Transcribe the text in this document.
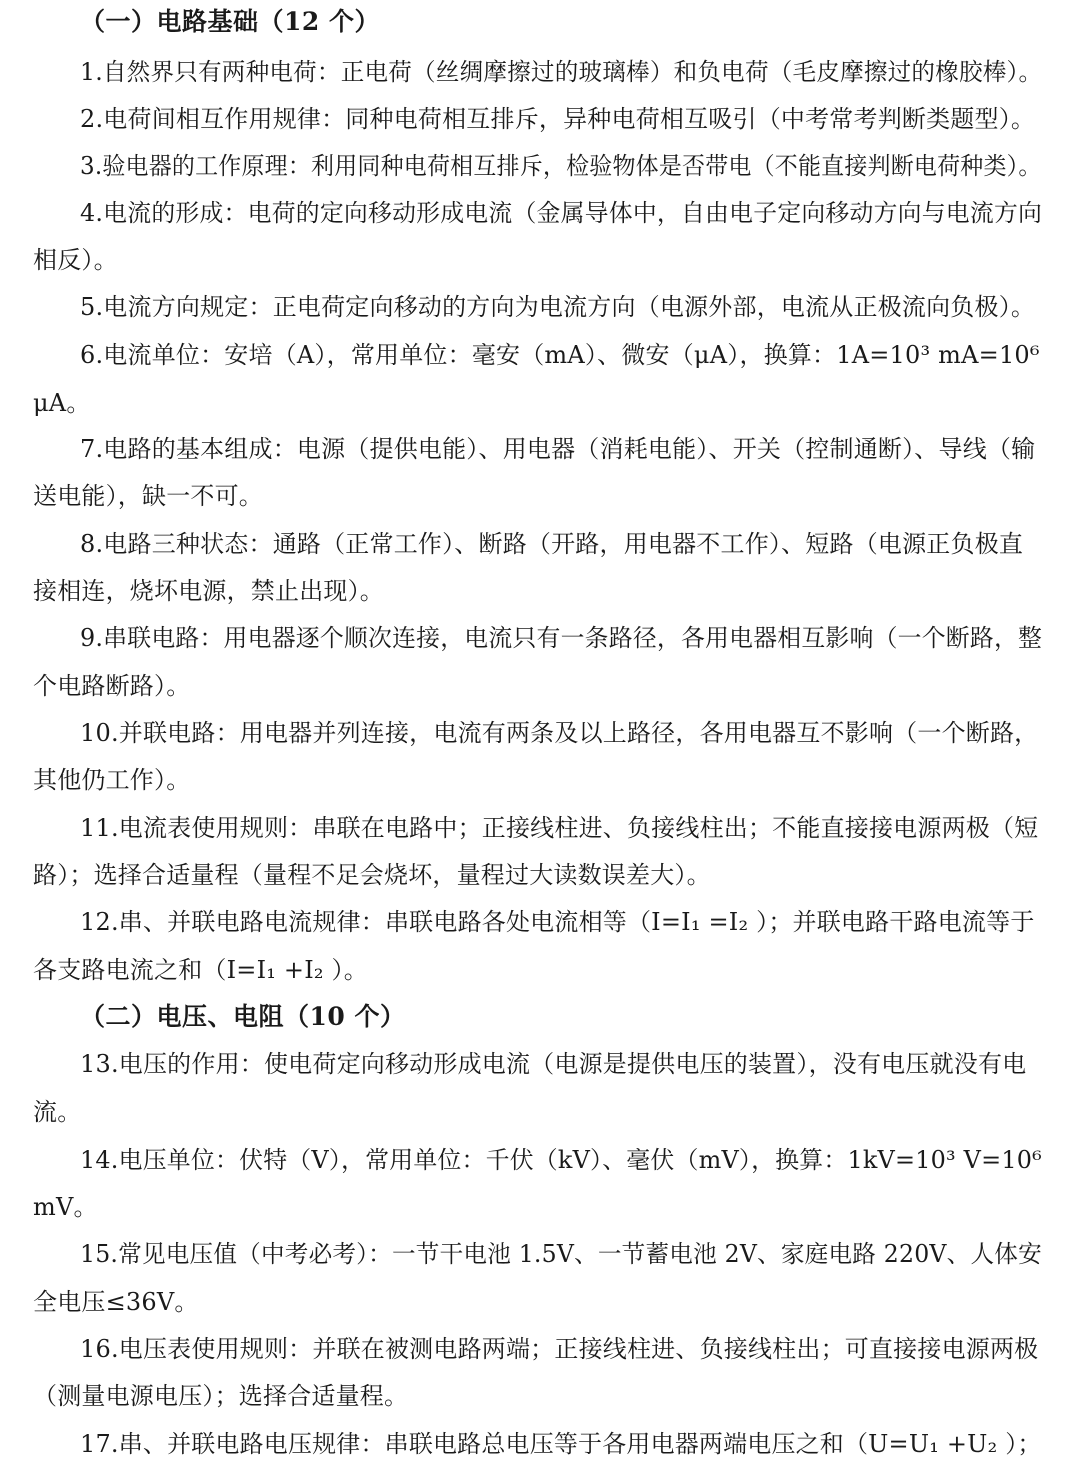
（一）电路基础（12 个）
1.自然界只有两种电荷：正电荷（丝绸摩擦过的玻璃棒）和负电荷（毛皮摩擦过的橡胶棒）。
2.电荷间相互作用规律：同种电荷相互排斥，异种电荷相互吸引（中考常考判断类题型）。
3.验电器的工作原理：利用同种电荷相互排斥，检验物体是否带电（不能直接判断电荷种类）。
4.电流的形成：电荷的定向移动形成电流（金属导体中，自由电子定向移动方向与电流方向
相反）。
5.电流方向规定：正电荷定向移动的方向为电流方向（电源外部，电流从正极流向负极）。
6.电流单位：安培（A），常用单位：毫安（mA）、微安（μA），换算：1A=10³ mA=10⁶
μA。
7.电路的基本组成：电源（提供电能）、用电器（消耗电能）、开关（控制通断）、导线（输
送电能），缺一不可。
8.电路三种状态：通路（正常工作）、断路（开路，用电器不工作）、短路（电源正负极直
接相连，烧坏电源，禁止出现）。
9.串联电路：用电器逐个顺次连接，电流只有一条路径，各用电器相互影响（一个断路，整
个电路断路）。
10.并联电路：用电器并列连接，电流有两条及以上路径，各用电器互不影响（一个断路，
其他仍工作）。
11.电流表使用规则：串联在电路中；正接线柱进、负接线柱出；不能直接接电源两极（短
路）；选择合适量程（量程不足会烧坏，量程过大读数误差大）。
12.串、并联电路电流规律：串联电路各处电流相等（I=I₁ =I₂ ）；并联电路干路电流等于
各支路电流之和（I=I₁ +I₂ ）。
（二）电压、电阻（10 个）
13.电压的作用：使电荷定向移动形成电流（电源是提供电压的装置），没有电压就没有电
流。
14.电压单位：伏特（V），常用单位：千伏（kV）、毫伏（mV），换算：1kV=10³ V=10⁶
mV。
15.常见电压值（中考必考）：一节干电池 1.5V、一节蓄电池 2V、家庭电路 220V、人体安
全电压≤36V。
16.电压表使用规则：并联在被测电路两端；正接线柱进、负接线柱出；可直接接电源两极
（测量电源电压）；选择合适量程。
17.串、并联电路电压规律：串联电路总电压等于各用电器两端电压之和（U=U₁ +U₂ ）；
